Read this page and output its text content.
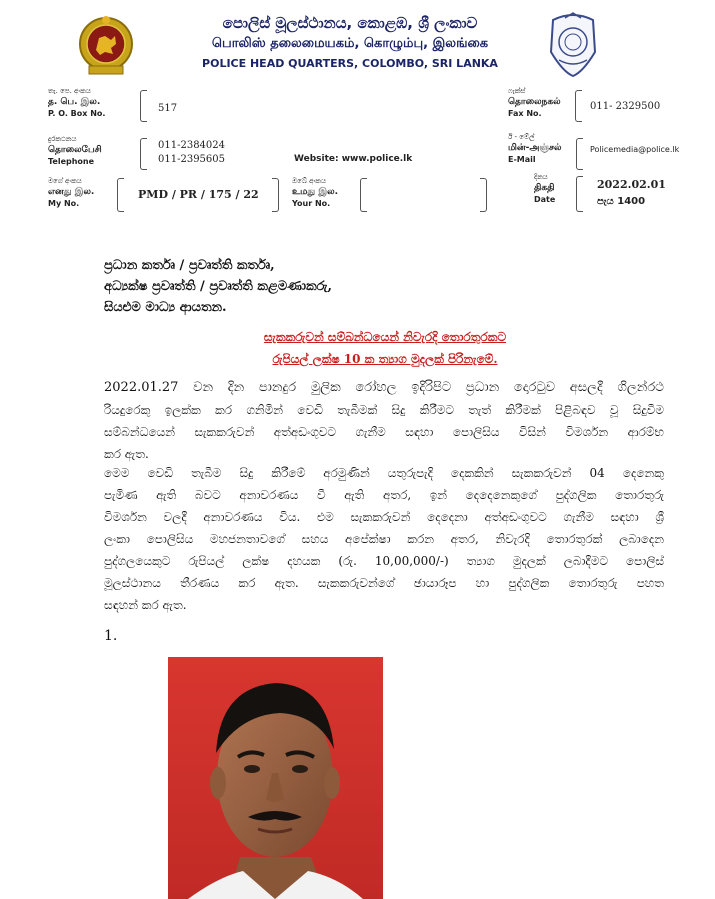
පොලිස් මූලස්ථානය, කොළඹ, ශ්‍රී ලංකාව
பொலிஸ் தலைமையகம், கொழும்பு, இலங்கை
POLICE HEAD QUARTERS, COLOMBO, SRI LANKA
තැ. පෙ. අංකය
த. பெ. இல.
P. O. Box No.	517
ෆැක්ස්
தொலைநகல்
Fax No.
011- 2329500
දුරකථනය
தொலைபேசி
Telephone
011-2384024
011-2395605	Website: www.police.lk
ඊ - මේල්
மின்-அஞ்சல்
E-Mail
Policemedia@police.lk
මගේ අංකය
எனது இல.
My No.
PMD / PR / 175 / 22
ඔබේ අංකය
உமது இல.
Your No.
දිනය
திகதி
Date
2022.02.01
පැය 1400
ප්‍රධාන කර්තෘ / ප්‍රවෘත්ති කර්තෘ,
අධ්‍යක්ෂ ප්‍රවෘත්ති / ප්‍රවෘත්ති කළමණාකරු,
සියළුම මාධ්‍ය ආයතන.
සැකකරුවන් සම්බන්ධයෙන් නිවැරදි තොරතුරකට
රුපියල් ලක්ෂ 10 ක ත්‍යාග මුදලක් පිරිනැමේ.
2022.01.27 වන දින පානදුර මුලික රෝහල ඉදිරිපිට ප්‍රධාන දොරටුව අසලදී ගිලන්රථ
රියදුරෙකු ඉලක්ක කර ගනිමින් වෙඩි තැබීමක් සිදු කිරීමට තැත් කිරීමක් පිළිබඳව වූ සිදුවීම
සම්බන්ධයෙන් සැකකරුවන් අත්අඩංගුවට ගැනීම සඳහා පොලිසිය විසින් විමර්ශන ආරම්භ
කර ඇත.
මෙම වෙඩි තැබීම සිදු කිරීමේ අරමුණින් යතුරුපැදි දෙකකින් සැකකරුවන් 04 දෙනෙකු
පැමිණ ඇති බවට අනාවරණය වී ඇති අතර, ඉන් දෙදෙනෙකුගේ පුද්ගලික තොරතුරු
විමර්ශන වලදී අනාවරණය විය. එම සැකකරුවන් දෙදෙනා අත්අඩංගුවට ගැනීම සඳහා ශ්‍රී
ලංකා පොලිසිය මහජනතාවගේ සහය අපේක්ෂා කරන අතර, නිවැරදි තොරතුරක් ලබාදෙන
පුද්ගලයෙකුට රුපියල් ලක්ෂ දහයක (රු. 10,00,000/-) ත්‍යාග මුදලක් ලබාදීමට පොලිස්
මූලස්ථානය තීරණය කර ඇත. සැකකරුවන්ගේ ඡායාරූප හා පුද්ගලික තොරතුරු පහත
සඳහන් කර ඇත.
1.
